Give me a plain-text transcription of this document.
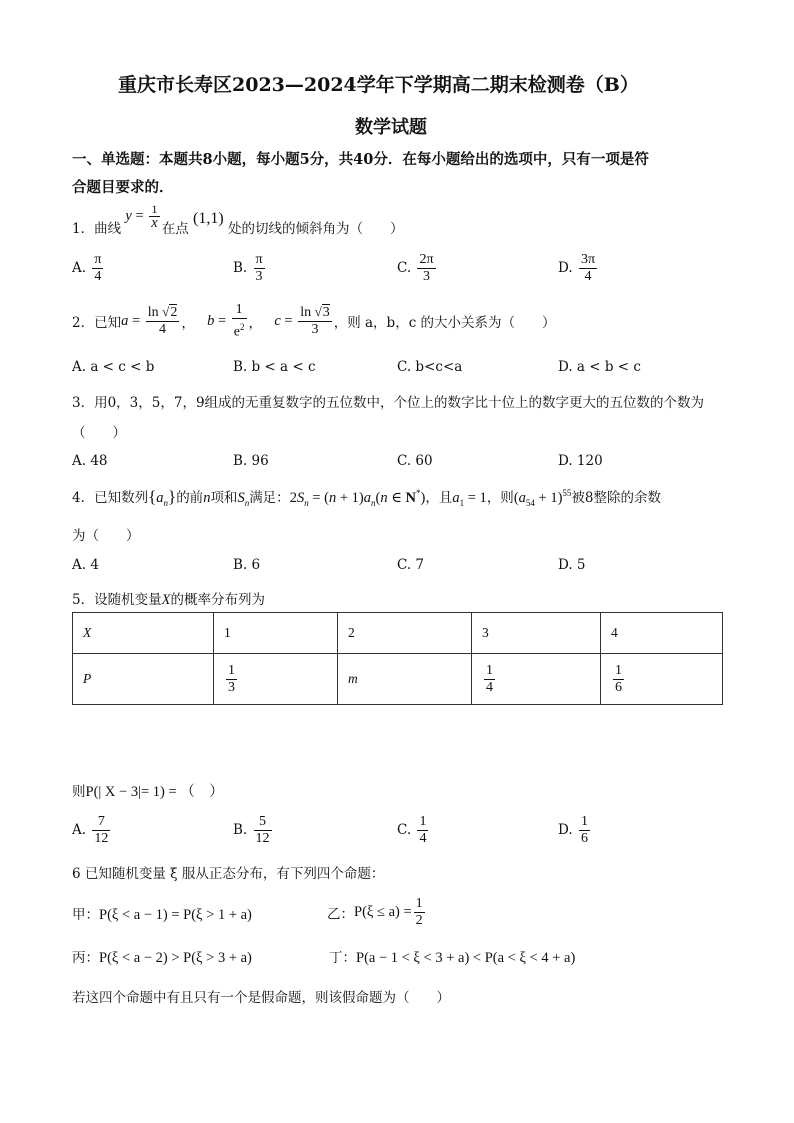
重庆市长寿区2023—2024学年下学期高二期末检测卷（B）
数学试题
一、单选题：本题共8小题，每小题5分，共40分．在每小题给出的选项中，只有一项是符
合题目要求的．
1．曲线 $y = \frac{1}{x}$ 在点 (1,1) 处的切线的倾斜角为（　　）
A. $\frac{\pi}{4}$	B. $\frac{\pi}{3}$	C. $\frac{2\pi}{3}$	D. $\frac{3\pi}{4}$
2．已知$a = \frac{\ln √2}{4}$ ， $b = \frac{1}{e^2}$ ， $c = \frac{\ln √3}{3}$ ，则 a，b，c 的大小关系为（　　）
A. a < c < b	B. b < a < c	C. b<c<a	D. a < b < c
3．用0，3，5，7，9组成的无重复数字的五位数中，个位上的数字比十位上的数字更大的五位数的个数为
（　　）
A. 48	B. 96	C. 60	D. 120
4．已知数列$\{a_n\}$的前n项和$S_n$满足：$2S_n = (n + 1)a_n(n$ ∈ N*)，且$a_1 = 1$，则$(a_{54} + 1)^{55}$被8整除的余数
为（　　）
A. 4	B. 6	C. 7	D. 5
5．设随机变量X的概率分布列为
X	1	2	3	4
P	$\frac{1}{3}$	m	$\frac{1}{4}$	$\frac{1}{6}$
则P(| X − 3|= 1) = （　）
A. $\frac{7}{12}$	B. $\frac{5}{12}$	C. $\frac{1}{4}$	D. $\frac{1}{6}$
6 已知随机变量 ξ 服从正态分布，有下列四个命题：
甲：P(ξ < a − 1) = P(ξ > 1 + a)	乙：$P(\xi \le a) = \frac{1}{2}$
丙：P(ξ < a − 2) > P(ξ > 3 + a)	丁：P(a − 1 < ξ < 3 + a) < P(a < ξ < 4 + a)
若这四个命题中有且只有一个是假命题，则该假命题为（　　）
